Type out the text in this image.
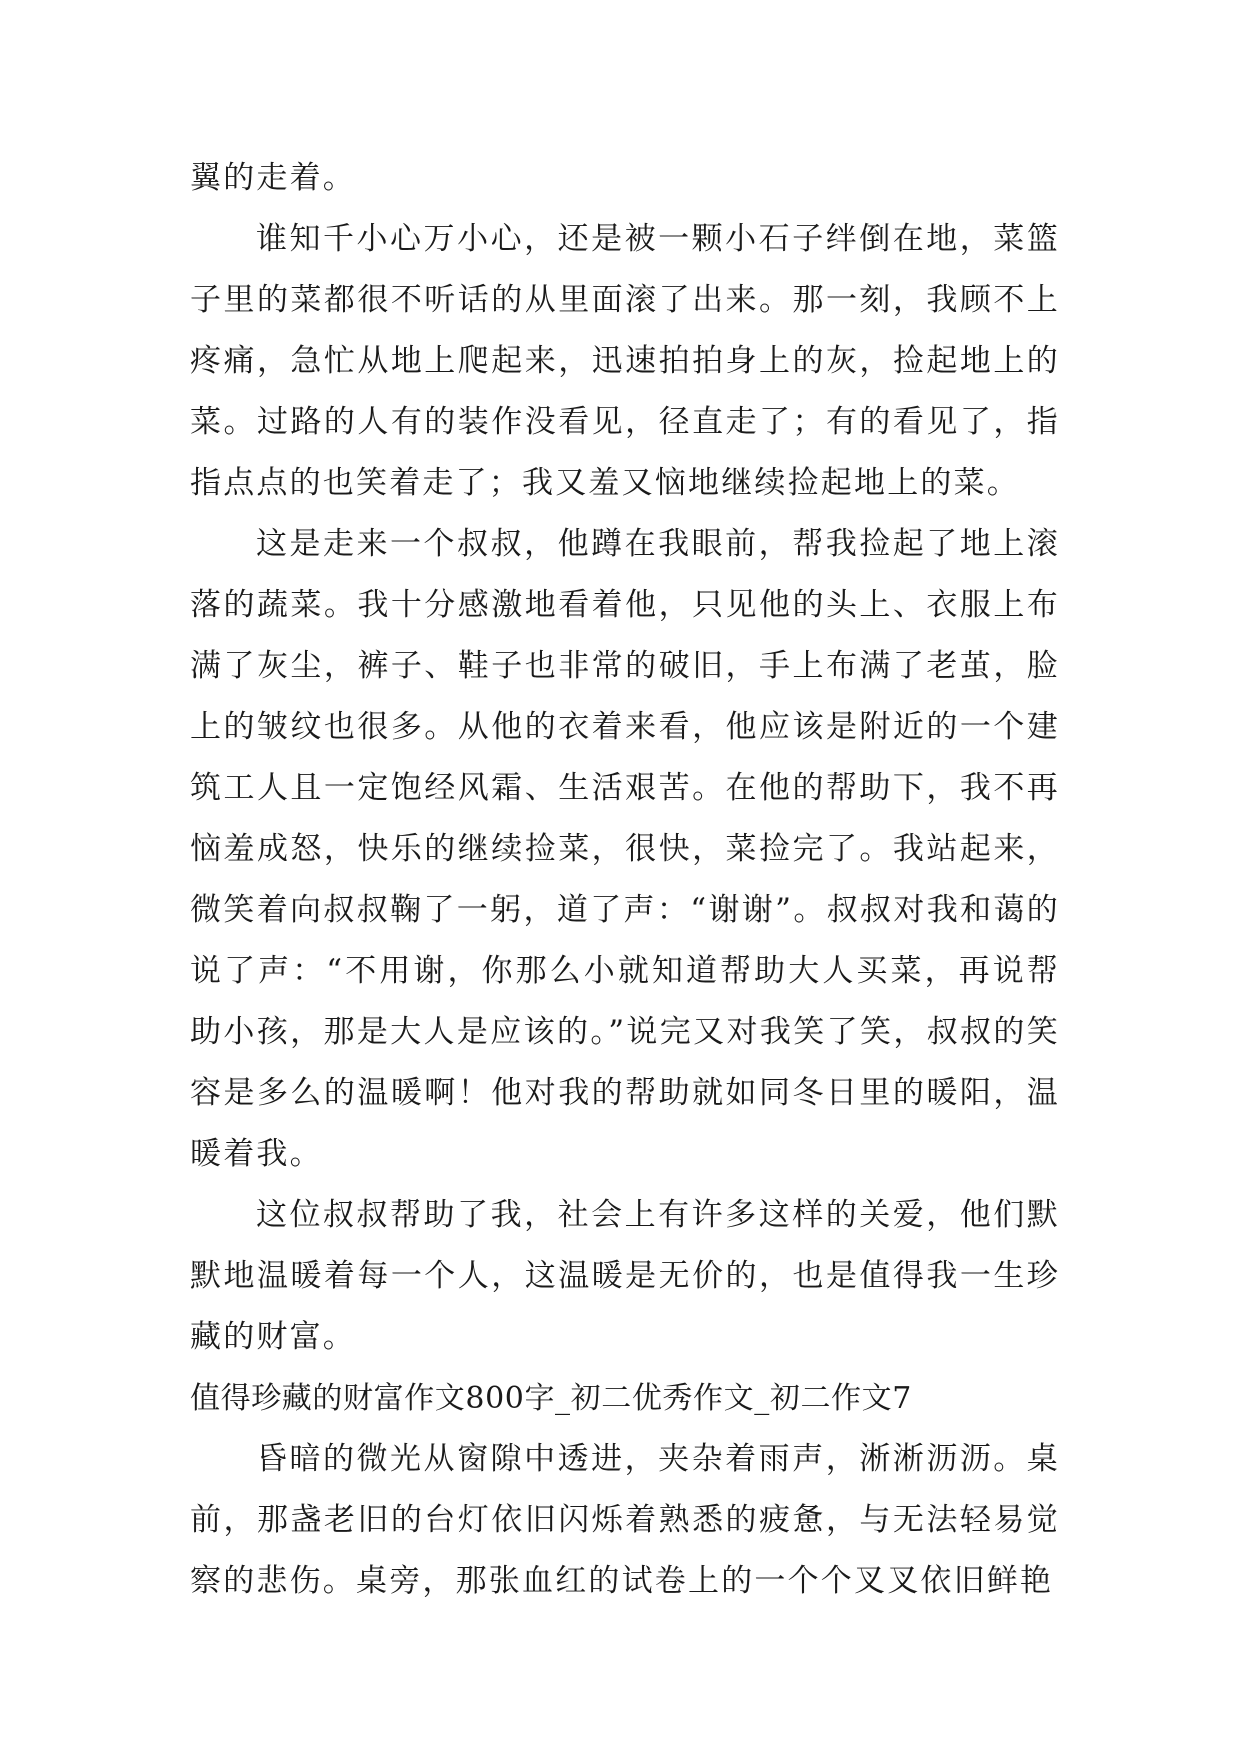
翼的走着。

谁知千小心万小心，还是被一颗小石子绊倒在地，菜篮子里的菜都很不听话的从里面滚了出来。那一刻，我顾不上疼痛，急忙从地上爬起来，迅速拍拍身上的灰，捡起地上的菜。过路的人有的装作没看见，径直走了；有的看见了，指指点点的也笑着走了；我又羞又恼地继续捡起地上的菜。

这是走来一个叔叔，他蹲在我眼前，帮我捡起了地上滚落的蔬菜。我十分感激地看着他，只见他的头上、衣服上布满了灰尘，裤子、鞋子也非常的破旧，手上布满了老茧，脸上的皱纹也很多。从他的衣着来看，他应该是附近的一个建筑工人且一定饱经风霜、生活艰苦。在他的帮助下，我不再恼羞成怒，快乐的继续捡菜，很快，菜捡完了。我站起来，微笑着向叔叔鞠了一躬，道了声：“谢谢”。叔叔对我和蔼的说了声：“不用谢，你那么小就知道帮助大人买菜，再说帮助小孩，那是大人是应该的。”说完又对我笑了笑，叔叔的笑容是多么的温暖啊！他对我的帮助就如同冬日里的暖阳，温暖着我。

这位叔叔帮助了我，社会上有许多这样的关爱，他们默默地温暖着每一个人，这温暖是无价的，也是值得我一生珍藏的财富。

值得珍藏的财富作文800字_初二优秀作文_初二作文7

昏暗的微光从窗隙中透进，夹杂着雨声，淅淅沥沥。桌前，那盏老旧的台灯依旧闪烁着熟悉的疲惫，与无法轻易觉察的悲伤。桌旁，那张血红的试卷上的一个个叉叉依旧鲜艳
